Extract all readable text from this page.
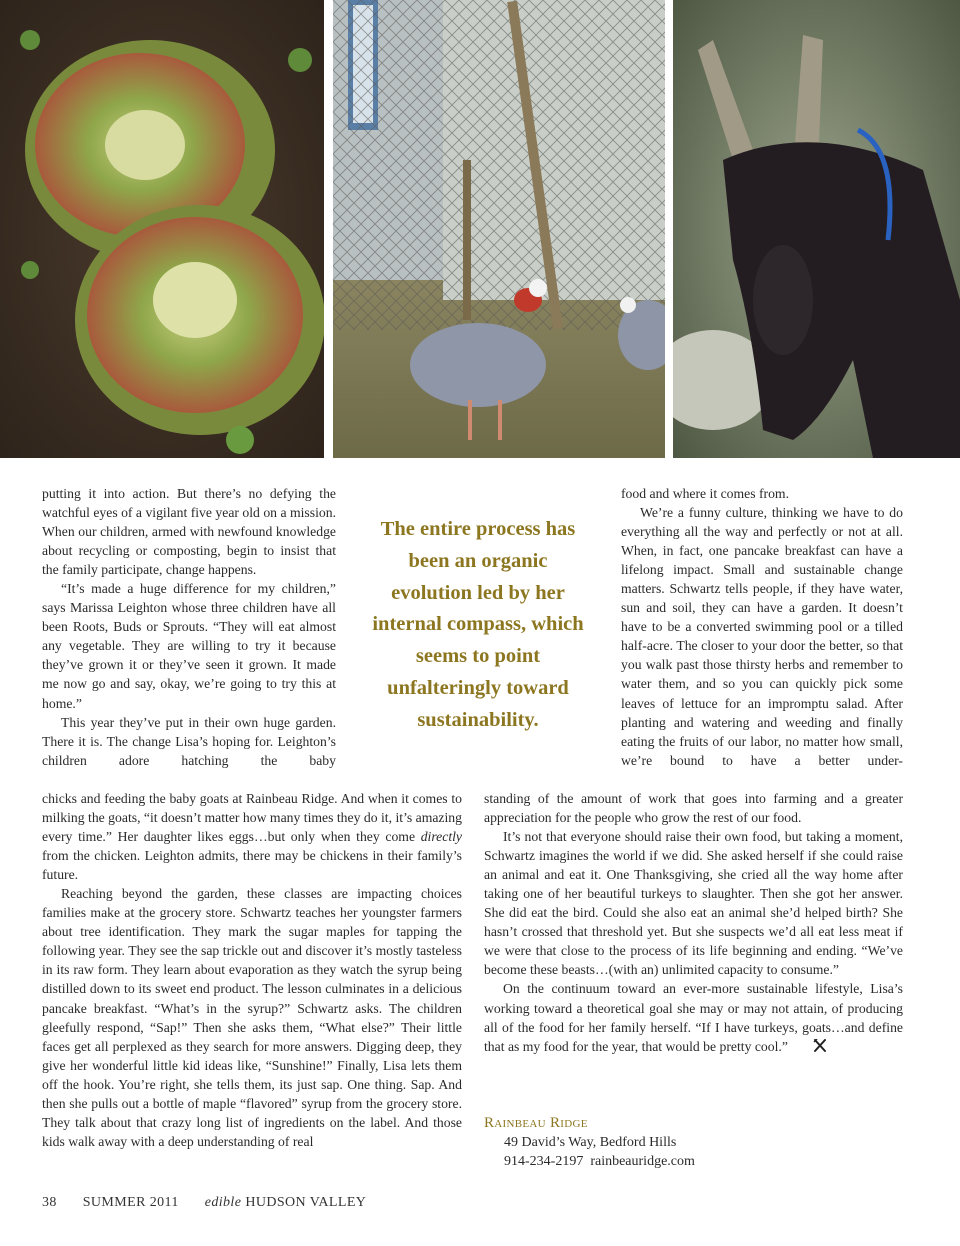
putting it into action. But there’s no defying the watchful eyes of a vigilant five year old on a mission. When our children, armed with newfound knowledge about recycling or composting, begin to insist that the family participate, change happens.

“It’s made a huge difference for my children,” says Marissa Leighton whose three children have all been Roots, Buds or Sprouts. “They will eat almost any vegetable. They are willing to try it because they’ve grown it or they’ve seen it grown. It made me now go and say, okay, we’re going to try this at home.”

This year they’ve put in their own huge garden. There it is. The change Lisa’s hoping for. Leighton’s children adore hatching the baby

The entire process has been an organic evolution led by her internal compass, which seems to point unfalteringly toward sustainability.

chicks and feeding the baby goats at Rainbeau Ridge. And when it comes to milking the goats, “it doesn’t matter how many times they do it, it’s amazing every time.” Her daughter likes eggs…but only when they come directly from the chicken. Leighton admits, there may be chickens in their family’s future.

Reaching beyond the garden, these classes are impacting choices families make at the grocery store. Schwartz teaches her youngster farmers about tree identification. They mark the sugar maples for tapping the following year. They see the sap trickle out and discover it’s mostly tasteless in its raw form. They learn about evaporation as they watch the syrup being distilled down to its sweet end product. The lesson culminates in a delicious pancake breakfast. “What’s in the syrup?” Schwartz asks. The children gleefully respond, “Sap!” Then she asks them, “What else?” Their little faces get all perplexed as they search for more answers. Digging deep, they give her wonderful little kid ideas like, “Sunshine!” Finally, Lisa lets them off the hook. You’re right, she tells them, its just sap. One thing. Sap. And then she pulls out a bottle of maple “flavored” syrup from the grocery store. They talk about that crazy long list of ingredients on the label. And those kids walk away with a deep understanding of real

food and where it comes from.

We’re a funny culture, thinking we have to do everything all the way and perfectly or not at all. When, in fact, one pancake breakfast can have a lifelong impact. Small and sustainable change matters. Schwartz tells people, if they have water, sun and soil, they can have a garden. It doesn’t have to be a converted swimming pool or a tilled half-acre. The closer to your door the better, so that you walk past those thirsty herbs and remember to water them, and so you can quickly pick some leaves of lettuce for an impromptu salad. After planting and watering and weeding and finally eating the fruits of our labor, no matter how small, we’re bound to have a better under-

standing of the amount of work that goes into farming and a greater appreciation for the people who grow the rest of our food.

It’s not that everyone should raise their own food, but taking a moment, Schwartz imagines the world if we did. She asked herself if she could raise an animal and eat it. One Thanksgiving, she cried all the way home after taking one of her beautiful turkeys to slaughter. Then she got her answer. She did eat the bird. Could she also eat an animal she’d helped birth? She hasn’t crossed that threshold yet. But she suspects we’d all eat less meat if we were that close to the process of its life beginning and ending. “We’ve become these beasts…(with an) unlimited capacity to consume.”

On the continuum toward an ever-more sustainable lifestyle, Lisa’s working toward a theoretical goal she may or may not attain, of producing all of the food for her family herself. “If I have turkeys, goats…and define that as my food for the year, that would be pretty cool.”

Rainbeau Ridge
49 David’s Way, Bedford Hills
914-234-2197 rainbeauridge.com
38 SUMMER 2011 edible HUDSON VALLEY
